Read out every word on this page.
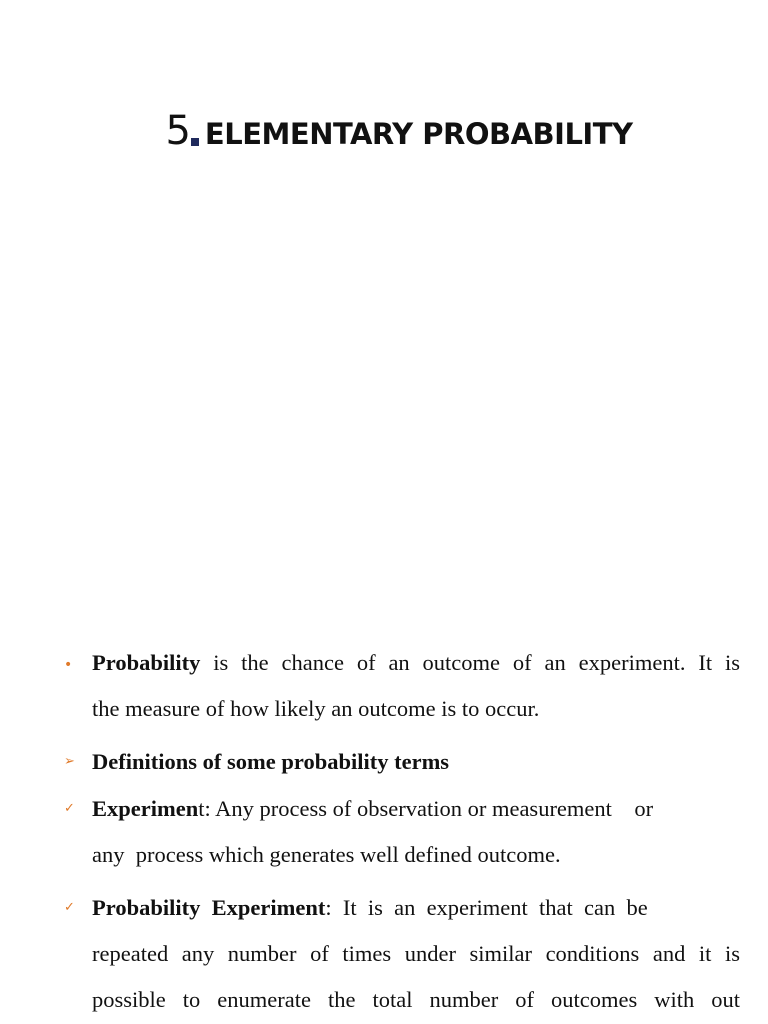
5 ELEMENTARY PROBABILITY
• Probability is the chance of an outcome of an experiment. It is
the measure of how likely an outcome is to occur.
➢ Definitions of some probability terms
✓ Experiment: Any process of observation or measurement    or
any  process which generates well defined outcome.
✓ Probability  Experiment:  It  is  an  experiment  that  can  be
repeated any number of times under similar conditions and it is
possible to enumerate the total number of outcomes with out
